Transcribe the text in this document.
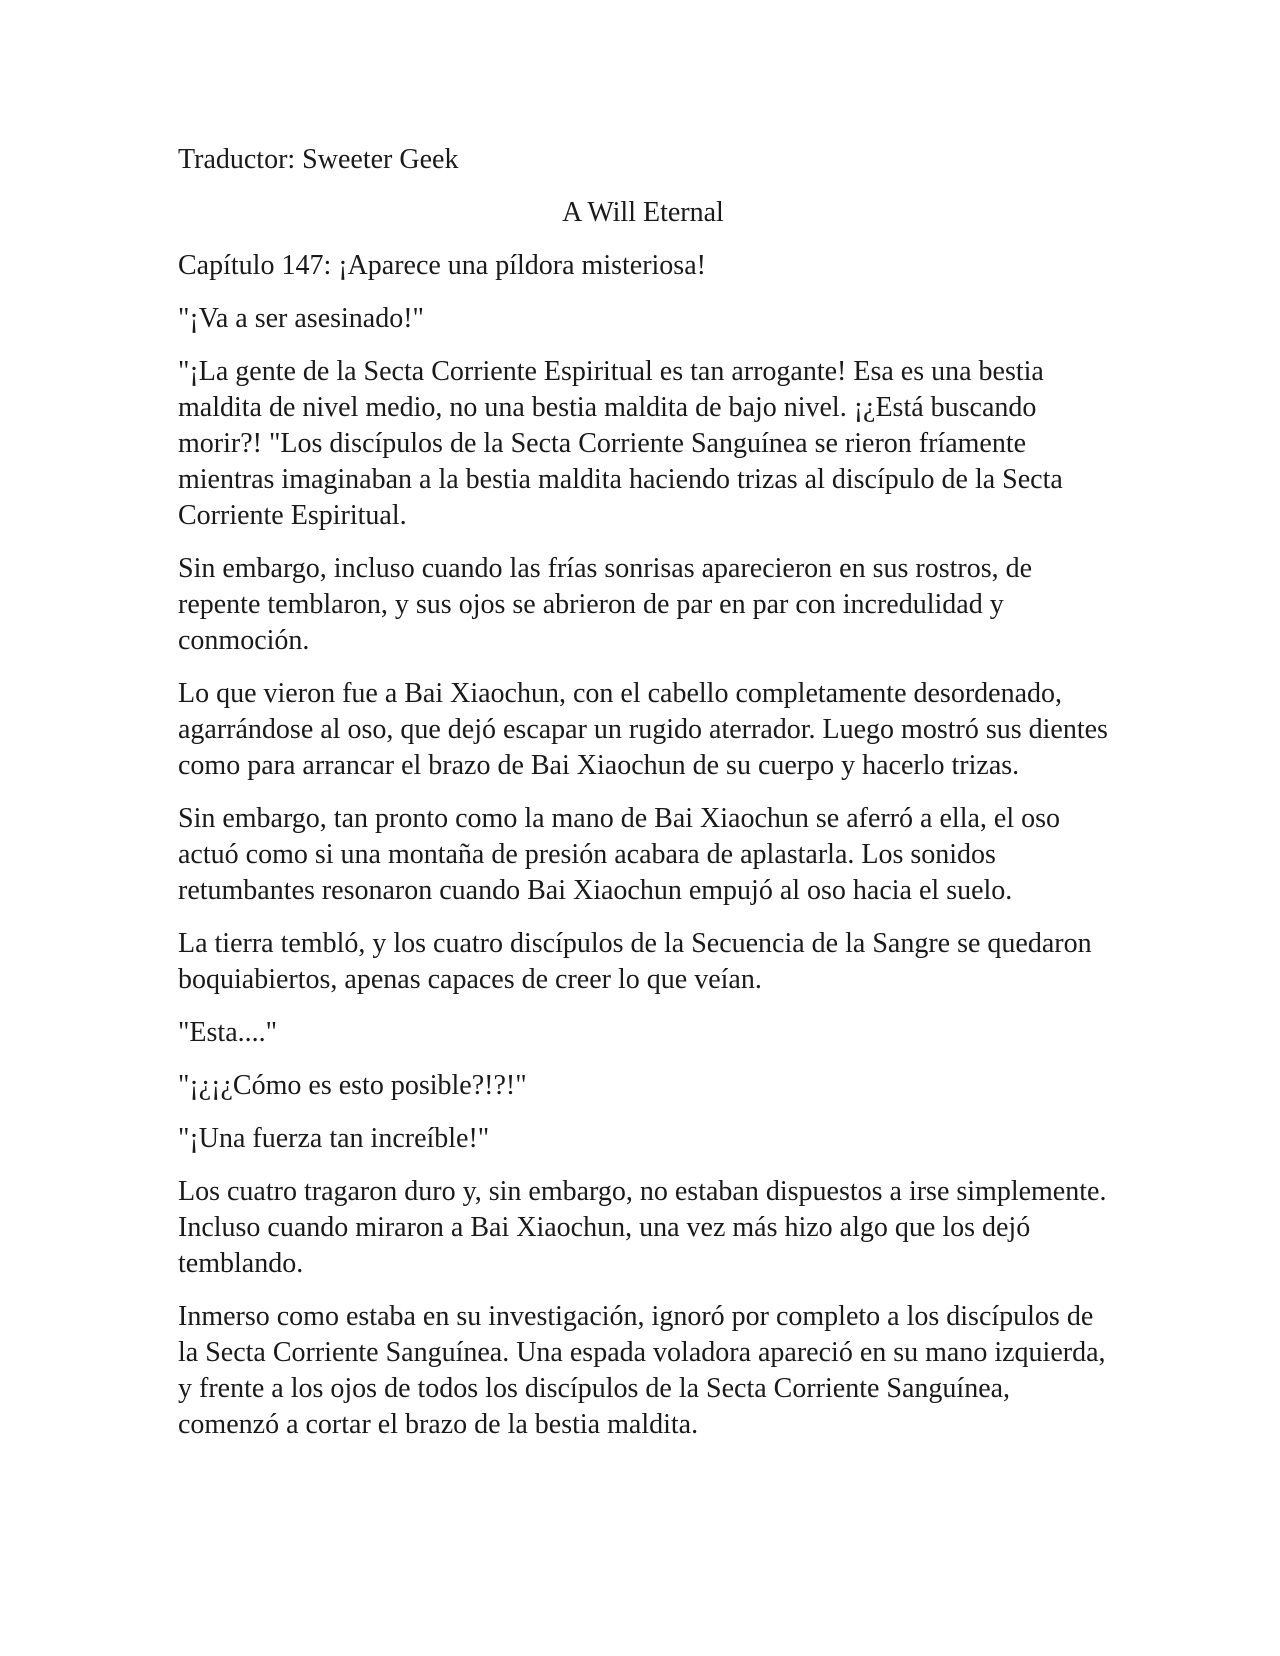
Traductor: Sweeter Geek

A Will Eternal

Capítulo 147: ¡Aparece una píldora misteriosa!

"¡Va a ser asesinado!"

"¡La gente de la Secta Corriente Espiritual es tan arrogante! Esa es una bestia maldita de nivel medio, no una bestia maldita de bajo nivel. ¡¿Está buscando morir?! "Los discípulos de la Secta Corriente Sanguínea se rieron fríamente mientras imaginaban a la bestia maldita haciendo trizas al discípulo de la Secta Corriente Espiritual.

Sin embargo, incluso cuando las frías sonrisas aparecieron en sus rostros, de repente temblaron, y sus ojos se abrieron de par en par con incredulidad y conmoción.

Lo que vieron fue a Bai Xiaochun, con el cabello completamente desordenado, agarrándose al oso, que dejó escapar un rugido aterrador. Luego mostró sus dientes como para arrancar el brazo de Bai Xiaochun de su cuerpo y hacerlo trizas.

Sin embargo, tan pronto como la mano de Bai Xiaochun se aferró a ella, el oso actuó como si una montaña de presión acabara de aplastarla. Los sonidos retumbantes resonaron cuando Bai Xiaochun empujó al oso hacia el suelo.

La tierra tembló, y los cuatro discípulos de la Secuencia de la Sangre se quedaron boquiabiertos, apenas capaces de creer lo que veían.

"Esta...."

"¡¿¡¿Cómo es esto posible?!?!"

"¡Una fuerza tan increíble!"

Los cuatro tragaron duro y, sin embargo, no estaban dispuestos a irse simplemente. Incluso cuando miraron a Bai Xiaochun, una vez más hizo algo que los dejó temblando.

Inmerso como estaba en su investigación, ignoró por completo a los discípulos de la Secta Corriente Sanguínea. Una espada voladora apareció en su mano izquierda, y frente a los ojos de todos los discípulos de la Secta Corriente Sanguínea, comenzó a cortar el brazo de la bestia maldita.
